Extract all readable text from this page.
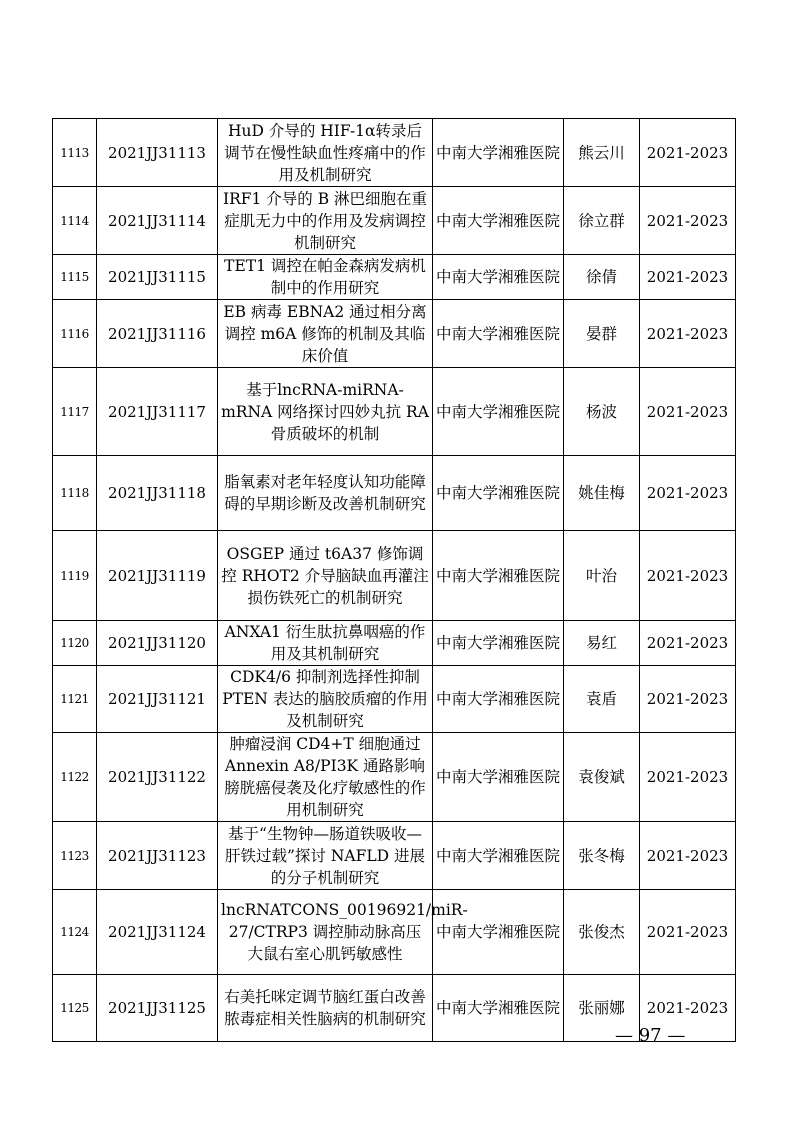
1113	2021JJ31113	HuD 介导的 HIF-1α转录后调节在慢性缺血性疼痛中的作用及机制研究	中南大学湘雅医院	熊云川	2021-2023
1114	2021JJ31114	IRF1 介导的 B 淋巴细胞在重症肌无力中的作用及发病调控机制研究	中南大学湘雅医院	徐立群	2021-2023
1115	2021JJ31115	TET1 调控在帕金森病发病机制中的作用研究	中南大学湘雅医院	徐倩	2021-2023
1116	2021JJ31116	EB 病毒 EBNA2 通过相分离调控 m6A 修饰的机制及其临床价值	中南大学湘雅医院	晏群	2021-2023
1117	2021JJ31117	基于lncRNA-miRNA-mRNA 网络探讨四妙丸抗 RA 骨质破坏的机制	中南大学湘雅医院	杨波	2021-2023
1118	2021JJ31118	脂氧素对老年轻度认知功能障碍的早期诊断及改善机制研究	中南大学湘雅医院	姚佳梅	2021-2023
1119	2021JJ31119	OSGEP 通过 t6A37 修饰调控 RHOT2 介导脑缺血再灌注损伤铁死亡的机制研究	中南大学湘雅医院	叶治	2021-2023
1120	2021JJ31120	ANXA1 衍生肽抗鼻咽癌的作用及其机制研究	中南大学湘雅医院	易红	2021-2023
1121	2021JJ31121	CDK4/6 抑制剂选择性抑制 PTEN 表达的脑胶质瘤的作用及机制研究	中南大学湘雅医院	袁盾	2021-2023
1122	2021JJ31122	肿瘤浸润 CD4+T 细胞通过 Annexin A8/PI3K 通路影响膀胱癌侵袭及化疗敏感性的作用机制研究	中南大学湘雅医院	袁俊斌	2021-2023
1123	2021JJ31123	基于“生物钟—肠道铁吸收—肝铁过载”探讨 NAFLD 进展的分子机制研究	中南大学湘雅医院	张冬梅	2021-2023
1124	2021JJ31124	lncRNATCONS_00196921/miR-27/CTRP3 调控肺动脉高压大鼠右室心肌钙敏感性	中南大学湘雅医院	张俊杰	2021-2023
1125	2021JJ31125	右美托咪定调节脑红蛋白改善脓毒症相关性脑病的机制研究	中南大学湘雅医院	张丽娜	2021-2023
— 97 —
